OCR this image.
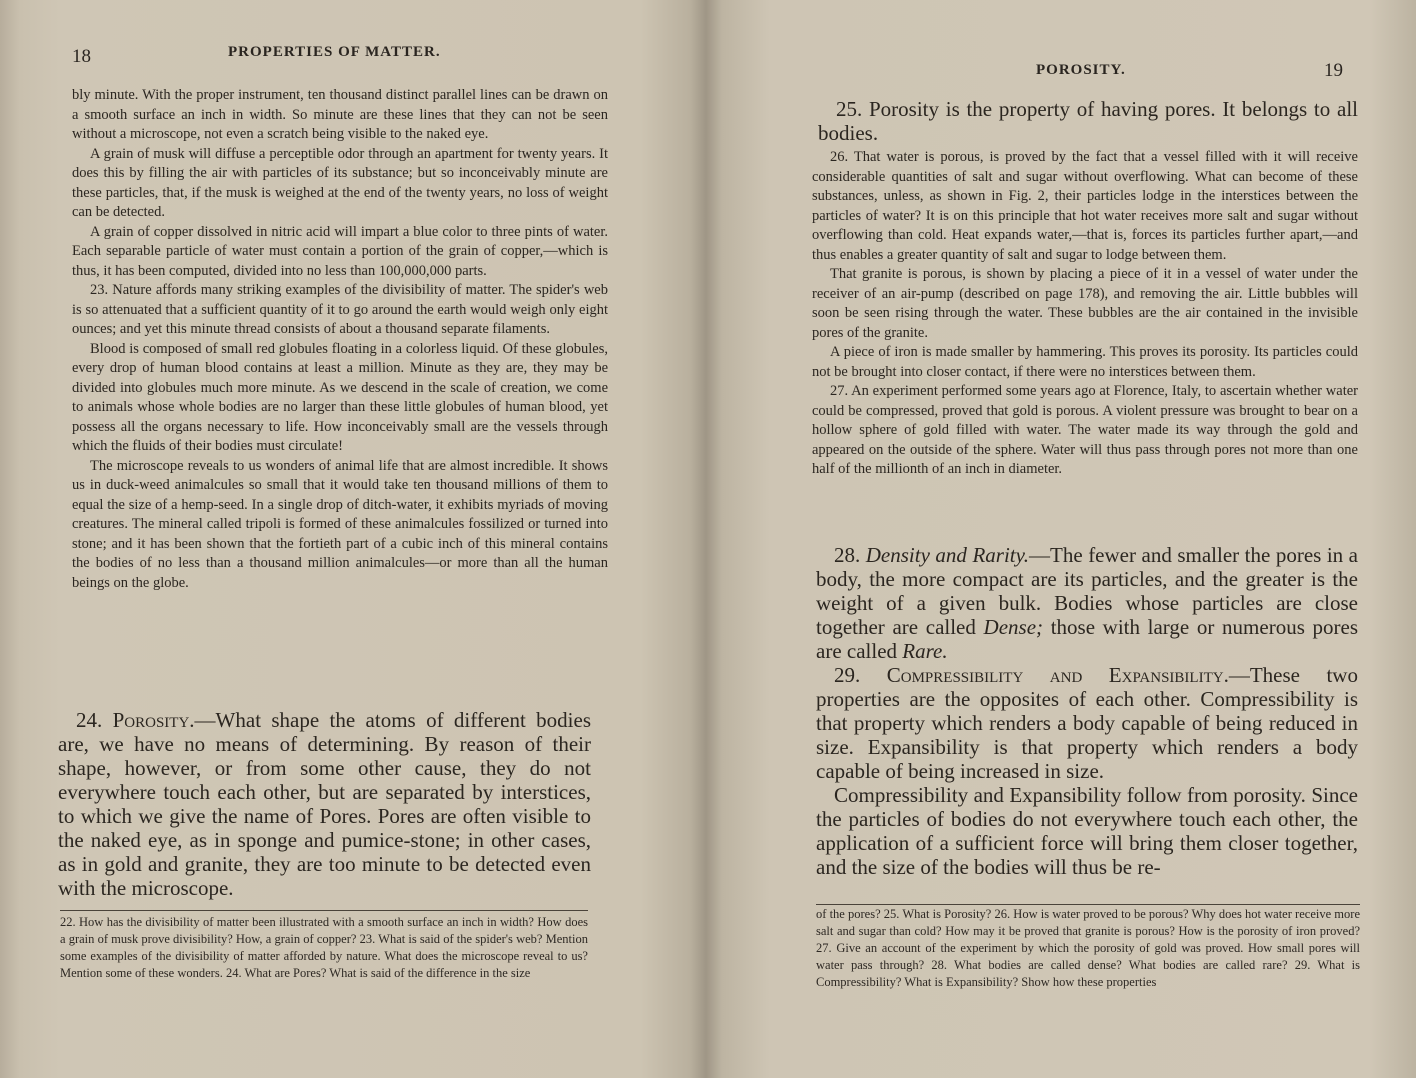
18	PROPERTIES OF MATTER.

bly minute. With the proper instrument, ten thousand distinct parallel lines can be drawn on a smooth surface an inch in width. So minute are these lines that they can not be seen without a microscope, not even a scratch being visible to the naked eye.

A grain of musk will diffuse a perceptible odor through an apartment for twenty years. It does this by filling the air with particles of its substance; but so inconceivably minute are these particles, that, if the musk is weighed at the end of the twenty years, no loss of weight can be detected.

A grain of copper dissolved in nitric acid will impart a blue color to three pints of water. Each separable particle of water must contain a portion of the grain of copper,—which is thus, it has been computed, divided into no less than 100,000,000 parts.

23. Nature affords many striking examples of the divisibility of matter. The spider's web is so attenuated that a sufficient quantity of it to go around the earth would weigh only eight ounces; and yet this minute thread consists of about a thousand separate filaments.

Blood is composed of small red globules floating in a colorless liquid. Of these globules, every drop of human blood contains at least a million. Minute as they are, they may be divided into globules much more minute. As we descend in the scale of creation, we come to animals whose whole bodies are no larger than these little globules of human blood, yet possess all the organs necessary to life. How inconceivably small are the vessels through which the fluids of their bodies must circulate!

The microscope reveals to us wonders of animal life that are almost incredible. It shows us in duck-weed animalcules so small that it would take ten thousand millions of them to equal the size of a hemp-seed. In a single drop of ditch-water, it exhibits myriads of moving creatures. The mineral called tripoli is formed of these animalcules fossilized or turned into stone; and it has been shown that the fortieth part of a cubic inch of this mineral contains the bodies of no less than a thousand million animalcules—or more than all the human beings on the globe.

24. Porosity.—What shape the atoms of different bodies are, we have no means of determining. By reason of their shape, however, or from some other cause, they do not everywhere touch each other, but are separated by interstices, to which we give the name of Pores. Pores are often visible to the naked eye, as in sponge and pumice-stone; in other cases, as in gold and granite, they are too minute to be detected even with the microscope.

22. How has the divisibility of matter been illustrated with a smooth surface an inch in width? How does a grain of musk prove divisibility? How, a grain of copper? 23. What is said of the spider's web? Mention some examples of the divisibility of matter afforded by nature. What does the microscope reveal to us? Mention some of these wonders. 24. What are Pores? What is said of the difference in the size
POROSITY.	19

25. Porosity is the property of having pores. It belongs to all bodies.

26. That water is porous, is proved by the fact that a vessel filled with it will receive considerable quantities of salt and sugar without overflowing. What can become of these substances, unless, as shown in Fig. 2, their particles lodge in the interstices between the particles of water? It is on this principle that hot water receives more salt and sugar without overflowing than cold. Heat expands water,—that is, forces its particles further apart,—and thus enables a greater quantity of salt and sugar to lodge between them.

That granite is porous, is shown by placing a piece of it in a vessel of water under the receiver of an air-pump (described on page 178), and removing the air. Little bubbles will soon be seen rising through the water. These bubbles are the air contained in the invisible pores of the granite.

A piece of iron is made smaller by hammering. This proves its porosity. Its particles could not be brought into closer contact, if there were no interstices between them.

27. An experiment performed some years ago at Florence, Italy, to ascertain whether water could be compressed, proved that gold is porous. A violent pressure was brought to bear on a hollow sphere of gold filled with water. The water made its way through the gold and appeared on the outside of the sphere. Water will thus pass through pores not more than one half of the millionth of an inch in diameter.

28. Density and Rarity.—The fewer and smaller the pores in a body, the more compact are its particles, and the greater is the weight of a given bulk. Bodies whose particles are close together are called Dense; those with large or numerous pores are called Rare.

29. Compressibility and Expansibility.—These two properties are the opposites of each other. Compressibility is that property which renders a body capable of being reduced in size. Expansibility is that property which renders a body capable of being increased in size.

Compressibility and Expansibility follow from porosity. Since the particles of bodies do not everywhere touch each other, the application of a sufficient force will bring them closer together, and the size of the bodies will thus be re-

of the pores? 25. What is Porosity? 26. How is water proved to be porous? Why does hot water receive more salt and sugar than cold? How may it be proved that granite is porous? How is the porosity of iron proved? 27. Give an account of the experiment by which the porosity of gold was proved. How small pores will water pass through? 28. What bodies are called dense? What bodies are called rare? 29. What is Compressibility? What is Expansibility? Show how these properties
